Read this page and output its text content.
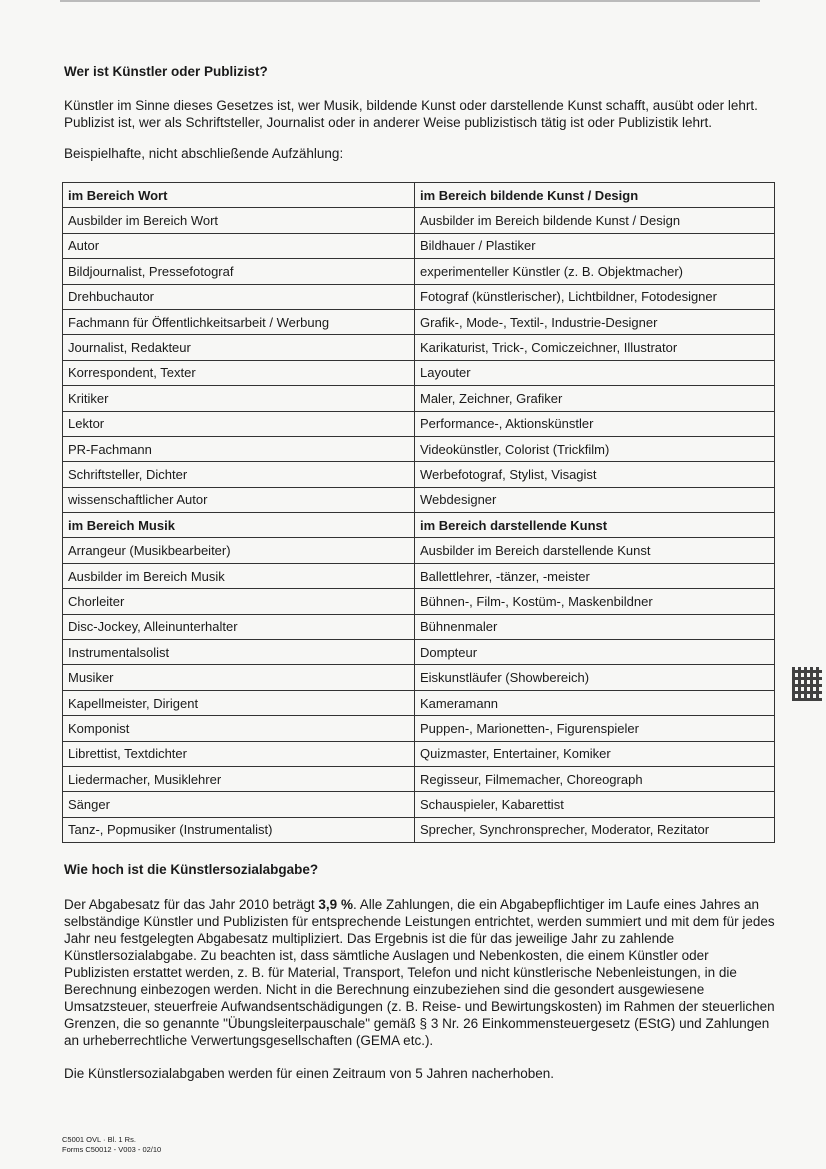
Wer ist Künstler oder Publizist?

Künstler im Sinne dieses Gesetzes ist, wer Musik, bildende Kunst oder darstellende Kunst schafft, ausübt oder lehrt. Publizist ist, wer als Schriftsteller, Journalist oder in anderer Weise publizistisch tätig ist oder Publizistik lehrt.

Beispielhafte, nicht abschließende Aufzählung:

im Bereich Wort	im Bereich bildende Kunst / Design
Ausbilder im Bereich Wort	Ausbilder im Bereich bildende Kunst / Design
Autor	Bildhauer / Plastiker
Bildjournalist, Pressefotograf	experimenteller Künstler (z. B. Objektmacher)
Drehbuchautor	Fotograf (künstlerischer), Lichtbildner, Fotodesigner
Fachmann für Öffentlichkeitsarbeit / Werbung	Grafik-, Mode-, Textil-, Industrie-Designer
Journalist, Redakteur	Karikaturist, Trick-, Comiczeichner, Illustrator
Korrespondent, Texter	Layouter
Kritiker	Maler, Zeichner, Grafiker
Lektor	Performance-, Aktionskünstler
PR-Fachmann	Videokünstler, Colorist (Trickfilm)
Schriftsteller, Dichter	Werbefotograf, Stylist, Visagist
wissenschaftlicher Autor	Webdesigner
im Bereich Musik	im Bereich darstellende Kunst
Arrangeur (Musikbearbeiter)	Ausbilder im Bereich darstellende Kunst
Ausbilder im Bereich Musik	Ballettlehrer, -tänzer, -meister
Chorleiter	Bühnen-, Film-, Kostüm-, Maskenbildner
Disc-Jockey, Alleinunterhalter	Bühnenmaler
Instrumentalsolist	Dompteur
Musiker	Eiskunstläufer (Showbereich)
Kapellmeister, Dirigent	Kameramann
Komponist	Puppen-, Marionetten-, Figurenspieler
Librettist, Textdichter	Quizmaster, Entertainer, Komiker
Liedermacher, Musiklehrer	Regisseur, Filmemacher, Choreograph
Sänger	Schauspieler, Kabarettist
Tanz-, Popmusiker (Instrumentalist)	Sprecher, Synchronsprecher, Moderator, Rezitator
Wie hoch ist die Künstlersozialabgabe?

Der Abgabesatz für das Jahr 2010 beträgt 3,9 %. Alle Zahlungen, die ein Abgabepflichtiger im Laufe eines Jahres an selbständige Künstler und Publizisten für entsprechende Leistungen entrichtet, werden summiert und mit dem für jedes Jahr neu festgelegten Abgabesatz multipliziert. Das Ergebnis ist die für das jeweilige Jahr zu zahlende Künstlersozialabgabe. Zu beachten ist, dass sämtliche Auslagen und Nebenkosten, die einem Künstler oder Publizisten erstattet werden, z. B. für Material, Transport, Telefon und nicht künstlerische Nebenleistungen, in die Berechnung einbezogen werden. Nicht in die Berechnung einzubeziehen sind die gesondert ausgewiesene Umsatzsteuer, steuerfreie Aufwandsentschädigungen (z. B. Reise- und Bewirtungskosten) im Rahmen der steuerlichen Grenzen, die so genannte "Übungsleiterpauschale" gemäß § 3 Nr. 26 Einkommensteuergesetz (EStG) und Zahlungen an urheberrechtliche Verwertungsgesellschaften (GEMA etc.).

Die Künstlersozialabgaben werden für einen Zeitraum von 5 Jahren nacherhoben.

C5001 OVL · Bl. 1 Rs.
Forms C50012 - V003 - 02/10
